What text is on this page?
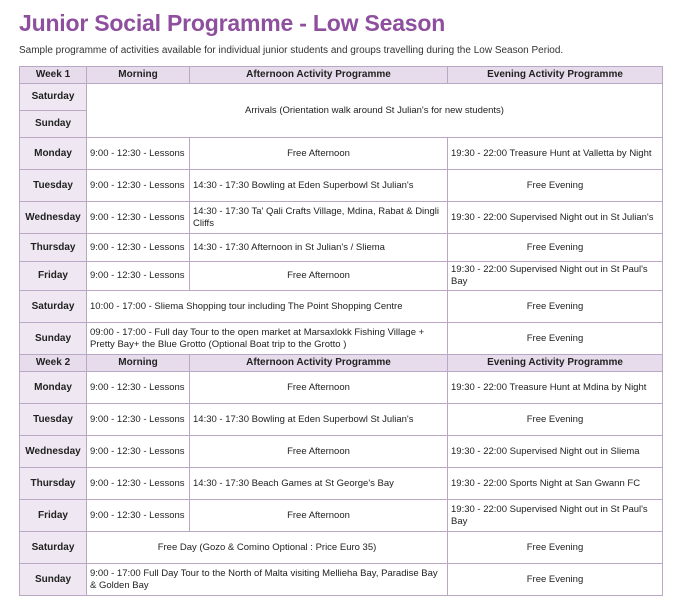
Junior Social Programme - Low Season

Sample programme of activities available for individual junior students and groups travelling during the Low Season Period.

Week 1	Morning	Afternoon Activity Programme	Evening Activity Programme
Saturday	Arrivals (Orientation walk around St Julian's for new students)		
Sunday			
Monday	9:00 - 12:30 - Lessons	Free Afternoon	19:30 - 22:00 Treasure Hunt at Valletta by Night
Tuesday	9:00 - 12:30 - Lessons	14:30 - 17:30 Bowling at Eden Superbowl St Julian's	Free Evening
Wednesday	9:00 - 12:30 - Lessons	14:30 - 17:30 Ta' Qali Crafts Village, Mdina, Rabat & Dingli Cliffs	19:30 - 22:00 Supervised Night out in St Julian's
Thursday	9:00 - 12:30 - Lessons	14:30 - 17:30 Afternoon in St Julian's / Sliema	Free Evening
Friday	9:00 - 12:30 - Lessons	Free Afternoon	19:30 - 22:00 Supervised Night out in St Paul's Bay
Saturday	10:00 - 17:00 - Sliema Shopping tour including The Point Shopping Centre		Free Evening
Sunday	09:00 - 17:00 - Full day Tour to the open market at Marsaxlokk Fishing Village + Pretty Bay+ the Blue Grotto (Optional Boat trip to the Grotto )		Free Evening
Week 2	Morning	Afternoon Activity Programme	Evening Activity Programme
Monday	9:00 - 12:30 - Lessons	Free Afternoon	19:30 - 22:00 Treasure Hunt at Mdina by Night
Tuesday	9:00 - 12:30 - Lessons	14:30 - 17:30 Bowling at Eden Superbowl St Julian's	Free Evening
Wednesday	9:00 - 12:30 - Lessons	Free Afternoon	19:30 - 22:00 Supervised Night out in Sliema
Thursday	9:00 - 12:30 - Lessons	14:30 - 17:30 Beach Games at St George's Bay	19:30 - 22:00 Sports Night at San Gwann FC
Friday	9:00 - 12:30 - Lessons	Free Afternoon	19:30 - 22:00 Supervised Night out in St Paul's Bay
Saturday	Free Day (Gozo & Comino Optional : Price Euro 35)		Free Evening
Sunday	9:00 - 17:00 Full Day Tour to the North of Malta visiting Mellieha Bay, Paradise Bay & Golden Bay		Free Evening
